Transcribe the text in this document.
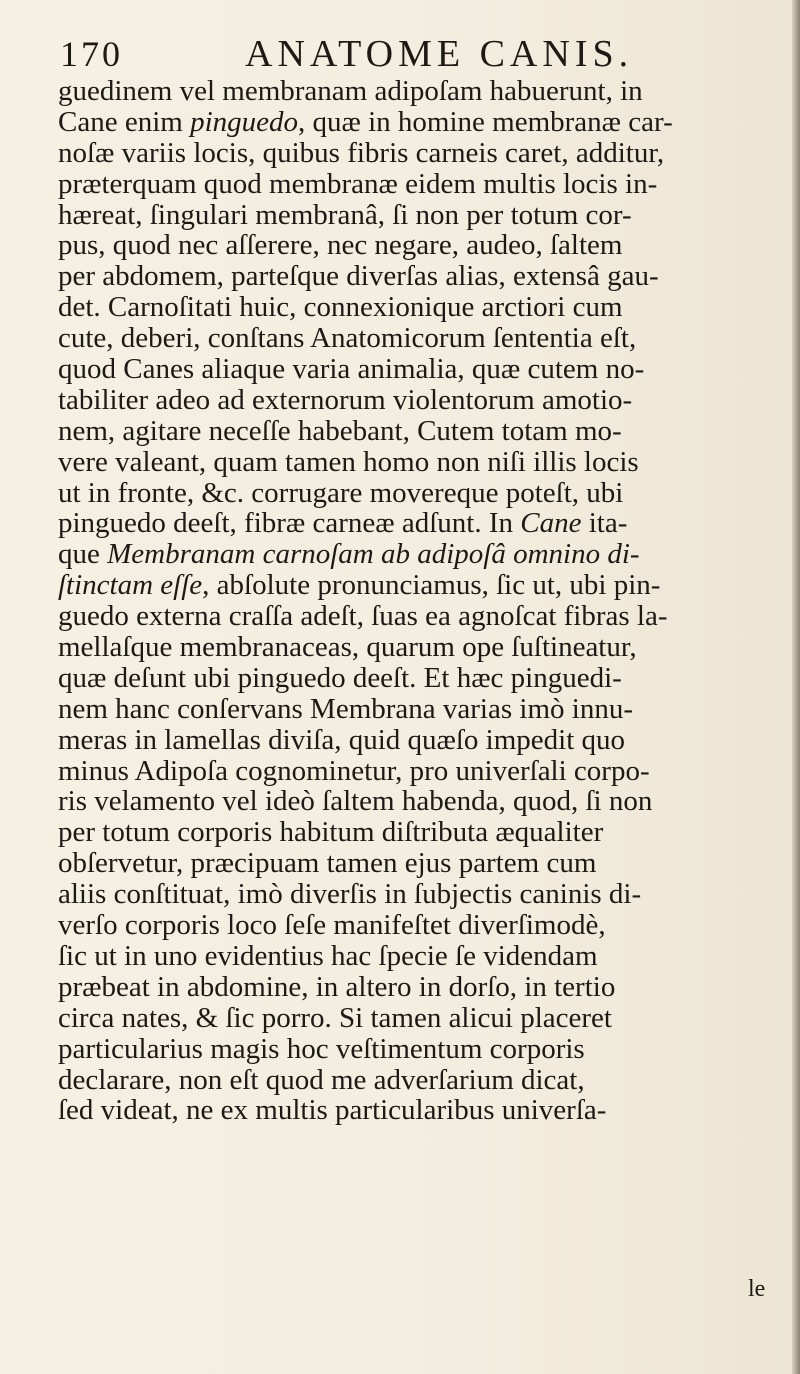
170	ANATOME CANIS.
guedinem vel membranam adipoſam habuerunt, in
Cane enim pinguedo, quæ in homine membranæ car-
noſæ variis locis, quibus fibris carneis caret, additur,
præterquam quod membranæ eidem multis locis in-
hæreat, ſingulari membranâ, ſi non per totum cor-
pus, quod nec aſſerere, nec negare, audeo, ſaltem
per abdomem, parteſque diverſas alias, extensâ gau-
det. Carnoſitati huic, connexionique arctiori cum
cute, deberi, conſtans Anatomicorum ſententia eſt,
quod Canes aliaque varia animalia, quæ cutem no-
tabiliter adeo ad externorum violentorum amotio-
nem, agitare neceſſe habebant, Cutem totam mo-
vere valeant, quam tamen homo non niſi illis locis
ut in fronte, &c. corrugare movereque poteſt, ubi
pinguedo deeſt, fibræ carneæ adſunt. In Cane ita-
que Membranam carnoſam ab adipoſâ omnino di-
ſtinctam eſſe, abſolute pronunciamus, ſic ut, ubi pin-
guedo externa craſſa adeſt, ſuas ea agnoſcat fibras la-
mellaſque membranaceas, quarum ope ſuſtineatur,
quæ deſunt ubi pinguedo deeſt. Et hæc pinguedi-
nem hanc conſervans Membrana varias imò innu-
meras in lamellas diviſa, quid quæſo impedit quo
minus Adipoſa cognominetur, pro univerſali corpo-
ris velamento vel ideò ſaltem habenda, quod, ſi non
per totum corporis habitum diſtributa æqualiter
obſervetur, præcipuam tamen ejus partem cum
aliis conſtituat, imò diverſis in ſubjectis caninis di-
verſo corporis loco ſeſe manifeſtet diverſimodè,
ſic ut in uno evidentius hac ſpecie ſe videndam
præbeat in abdomine, in altero in dorſo, in tertio
circa nates, & ſic porro. Si tamen alicui placeret
particularius magis hoc veſtimentum corporis
declarare, non eſt quod me adverſarium dicat,
ſed videat, ne ex multis particularibus univerſa-
le
